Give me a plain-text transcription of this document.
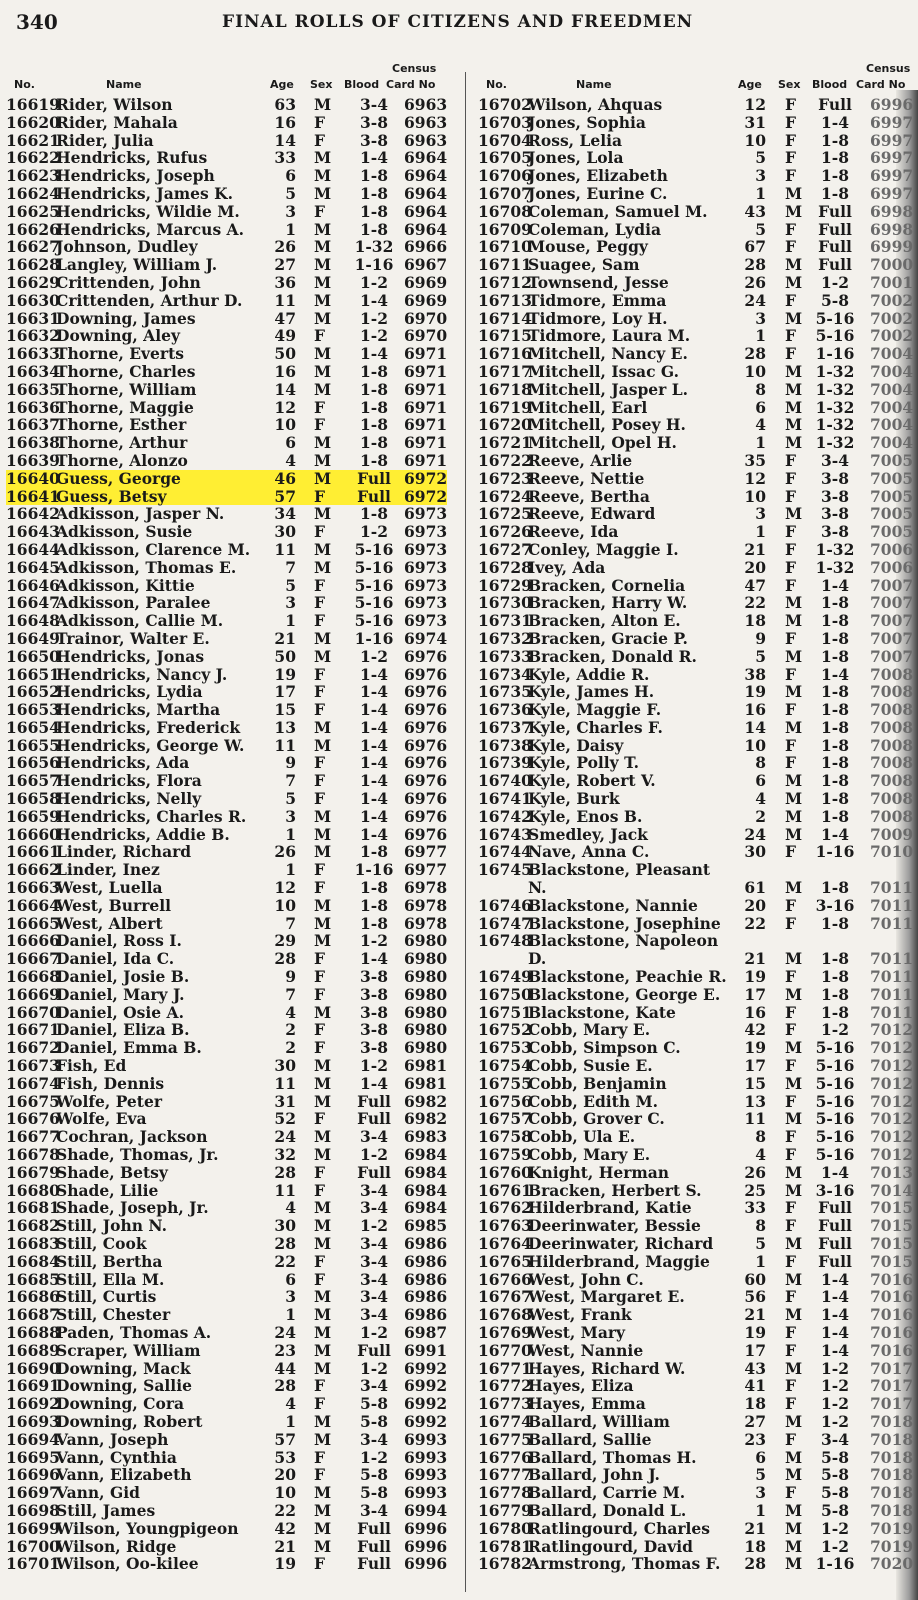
340	FINAL ROLLS OF CITIZENS AND FREEDMEN
No.	Name	Age Sex Blood
Census
Card No
16619
Rider, Wilson	63 M	3-4	6963
16620
Rider, Mahala	16 F	3-8	6963
16621
Rider, Julia	14 F	3-8	6963
16622
Hendricks, Rufus	33 M	1-4	6964
16623
Hendricks, Joseph	6 M	1-8	6964
16624
Hendricks, James K.	5 M	1-8	6964
16625
Hendricks, Wildie M.	3 F	1-8	6964
16626
Hendricks, Marcus A.	1 M	1-8	6964
16627
Johnson, Dudley	26 M	1-32 6966
16628
Langley, William J.	27 M	1-16 6967
16629
Crittenden, John	36 M	1-2	6969
16630
Crittenden, Arthur D.	11 M	1-4	6969
16631
Downing, James	47 M	1-2	6970
16632
Downing, Aley	49 F	1-2	6970
16633
Thorne, Everts	50 M	1-4	6971
16634
Thorne, Charles	16 M	1-8	6971
16635
Thorne, William	14 M	1-8	6971
16636
Thorne, Maggie	12 F	1-8	6971
16637
Thorne, Esther	10 F	1-8	6971
16638
Thorne, Arthur	6 M	1-8	6971
16639
Thorne, Alonzo	4 M	1-8	6971
16640
Guess, George	46 M	Full 6972
16641
Guess, Betsy	57 F	Full 6972
16642
Adkisson, Jasper N.	34 M	1-8	6973
16643
Adkisson, Susie	30 F	1-2	6973
16644
Adkisson, Clarence M.	11 M	5-16 6973
16645
Adkisson, Thomas E.	7 M	5-16 6973
16646
Adkisson, Kittie	5 F	5-16 6973
16647
Adkisson, Paralee	3 F	5-16 6973
16648
Adkisson, Callie M.	1 F	5-16 6973
16649
Trainor, Walter E.	21 M	1-16 6974
16650
Hendricks, Jonas	50 M	1-2	6976
16651
Hendricks, Nancy J.	19 F	1-4	6976
16652
Hendricks, Lydia	17 F	1-4	6976
16653
Hendricks, Martha	15 F	1-4	6976
16654
Hendricks, Frederick	13 M	1-4	6976
16655
Hendricks, George W.	11 M	1-4	6976
16656
Hendricks, Ada	9 F	1-4	6976
16657
Hendricks, Flora	7 F	1-4	6976
16658
Hendricks, Nelly	5 F	1-4	6976
16659
Hendricks, Charles R.	3 M	1-4	6976
16660
Hendricks, Addie B.	1 M	1-4	6976
16661
Linder, Richard	26 M	1-8	6977
16662
Linder, Inez	1 F	1-16 6977
16663
West, Luella	12 F	1-8	6978
16664
West, Burrell	10 M	1-8	6978
16665
West, Albert	7 M	1-8	6978
16666
Daniel, Ross I.	29 M	1-2	6980
16667
Daniel, Ida C.	28 F	1-4	6980
16668
Daniel, Josie B.	9 F	3-8	6980
16669
Daniel, Mary J.	7 F	3-8	6980
16670
Daniel, Osie A.	4 M	3-8	6980
16671
Daniel, Eliza B.	2 F	3-8	6980
16672
Daniel, Emma B.	2 F	3-8	6980
16673
Fish, Ed	30 M	1-2	6981
16674
Fish, Dennis	11 M	1-4	6981
16675
Wolfe, Peter	31 M	Full 6982
16676
Wolfe, Eva	52 F	Full 6982
16677
Cochran, Jackson	24 M	3-4	6983
16678
Shade, Thomas, Jr.	32 M	1-2	6984
16679
Shade, Betsy	28 F	Full 6984
16680
Shade, Lilie	11 F	3-4	6984
16681
Shade, Joseph, Jr.	4 M	3-4	6984
16682
Still, John N.	30 M	1-2	6985
16683
Still, Cook	28 M	3-4	6986
16684
Still, Bertha	22 F	3-4	6986
16685
Still, Ella M.	6 F	3-4	6986
16686
Still, Curtis	3 M	3-4	6986
16687
Still, Chester	1 M	3-4	6986
16688
Paden, Thomas A.	24 M	1-2	6987
16689
Scraper, William	23 M	Full 6991
16690
Downing, Mack	44 M	1-2	6992
16691
Downing, Sallie	28 F	3-4	6992
16692
Downing, Cora	4 F	5-8	6992
16693
Downing, Robert	1 M	5-8	6992
16694
Vann, Joseph	57 M	3-4	6993
16695
Vann, Cynthia	53 F	1-2	6993
16696
Vann, Elizabeth	20 F	5-8	6993
16697
Vann, Gid	10 M	5-8	6993
16698
Still, James	22 M	3-4	6994
16699
Wilson, Youngpigeon	42 M	Full 6996
16700
Wilson, Ridge	21 M	Full 6996
16701
Wilson, Oo-kilee	19 F	Full 6996
No.	Name	Age Sex Blood
Census
Card No
16702
Wilson, Ahquas	12 F	Full	6996
16703
Jones, Sophia	31 F	1-4	6997
16704
Ross, Lelia	10 F	1-8	6997
16705
Jones, Lola	5 F	1-8	6997
16706
Jones, Elizabeth	3 F	1-8	6997
16707
Jones, Eurine C.	1 M	1-8	6997
16708
Coleman, Samuel M.	43 M	Full	6998
16709
Coleman, Lydia	5 F	Full	6998
16710
Mouse, Peggy	67 F	Full	6999
16711
Suagee, Sam	28 M	Full	7000
16712
Townsend, Jesse	26 M	1-2	7001
16713
Tidmore, Emma	24 F	5-8	7002
16714
Tidmore, Loy H.	3 M 5-16	7002
16715
Tidmore, Laura M.	1 F	5-16	7002
16716
Mitchell, Nancy E.	28 F	1-16	7004
16717
Mitchell, Issac G.	10 M 1-32	7004
16718
Mitchell, Jasper L.	8 M 1-32	7004
16719
Mitchell, Earl	6 M 1-32	7004
16720
Mitchell, Posey H.	4 M 1-32	7004
16721
Mitchell, Opel H.	1 M 1-32	7004
16722
Reeve, Arlie	35 F	3-4	7005
16723
Reeve, Nettie	12 F	3-8	7005
16724
Reeve, Bertha	10 F	3-8	7005
16725
Reeve, Edward	3 M	3-8	7005
16726
Reeve, Ida	1 F	3-8	7005
16727
Conley, Maggie I.	21 F	1-32	7006
16728
Ivey, Ada	20 F	1-32	7006
16729
Bracken, Cornelia	47 F	1-4	7007
16730
Bracken, Harry W.	22 M	1-8	7007
16731
Bracken, Alton E.	18 M	1-8	7007
16732
Bracken, Gracie P.	9 F	1-8	7007
16733
Bracken, Donald R.	5 M	1-8	7007
16734
Kyle, Addie R.	38 F	1-4	7008
16735
Kyle, James H.	19 M	1-8	7008
16736
Kyle, Maggie F.	16 F	1-8	7008
16737
Kyle, Charles F.	14 M	1-8	7008
16738
Kyle, Daisy	10 F	1-8	7008
16739
Kyle, Polly T.	8 F	1-8	7008
16740
Kyle, Robert V.	6 M	1-8	7008
16741
Kyle, Burk	4 M	1-8	7008
16742
Kyle, Enos B.	2 M	1-8	7008
16743
Smedley, Jack	24 M	1-4	7009
16744
Nave, Anna C.	30 F	1-16	7010
16745
Blackstone, Pleasant
N.	61 M	1-8	7011
16746
Blackstone, Nannie	20 F	3-16	7011
16747
Blackstone, Josephine	22 F	1-8	7011
16748
Blackstone, Napoleon
D.	21 M	1-8	7011
16749
Blackstone, Peachie R.	19 F	1-8	7011
16750
Blackstone, George E.	17 M	1-8	7011
16751
Blackstone, Kate	16 F	1-8	7011
16752
Cobb, Mary E.	42 F	1-2	7012
16753
Cobb, Simpson C.	19 M 5-16	7012
16754
Cobb, Susie E.	17 F	5-16	7012
16755
Cobb, Benjamin	15 M 5-16	7012
16756
Cobb, Edith M.	13 F	5-16	7012
16757
Cobb, Grover C.	11 M 5-16	7012
16758
Cobb, Ula E.	8 F	5-16	7012
16759
Cobb, Mary E.	4 F	5-16	7012
16760
Knight, Herman	26 M	1-4	7013
16761
Bracken, Herbert S.	25 M 3-16	7014
16762
Hilderbrand, Katie	33 F	Full	7015
16763
Deerinwater, Bessie	8 F	Full	7015
16764
Deerinwater, Richard	5 M	Full	7015
16765
Hilderbrand, Maggie	1 F	Full	7015
16766
West, John C.	60 M	1-4	7016
16767
West, Margaret E.	56 F	1-4	7016
16768
West, Frank	21 M	1-4	7016
16769
West, Mary	19 F	1-4	7016
16770
West, Nannie	17 F	1-4	7016
16771
Hayes, Richard W.	43 M	1-2	7017
16772
Hayes, Eliza	41 F	1-2	7017
16773
Hayes, Emma	18 F	1-2	7017
16774
Ballard, William	27 M	1-2	7018
16775
Ballard, Sallie	23 F	3-4	7018
16776
Ballard, Thomas H.	6 M	5-8	7018
16777
Ballard, John J.	5 M	5-8	7018
16778
Ballard, Carrie M.	3 F	5-8	7018
16779
Ballard, Donald L.	1 M	5-8	7018
16780
Ratlingourd, Charles	21 M	1-2	7019
16781
Ratlingourd, David	18 M	1-2	7019
16782
Armstrong, Thomas F.	28 M 1-16	7020
